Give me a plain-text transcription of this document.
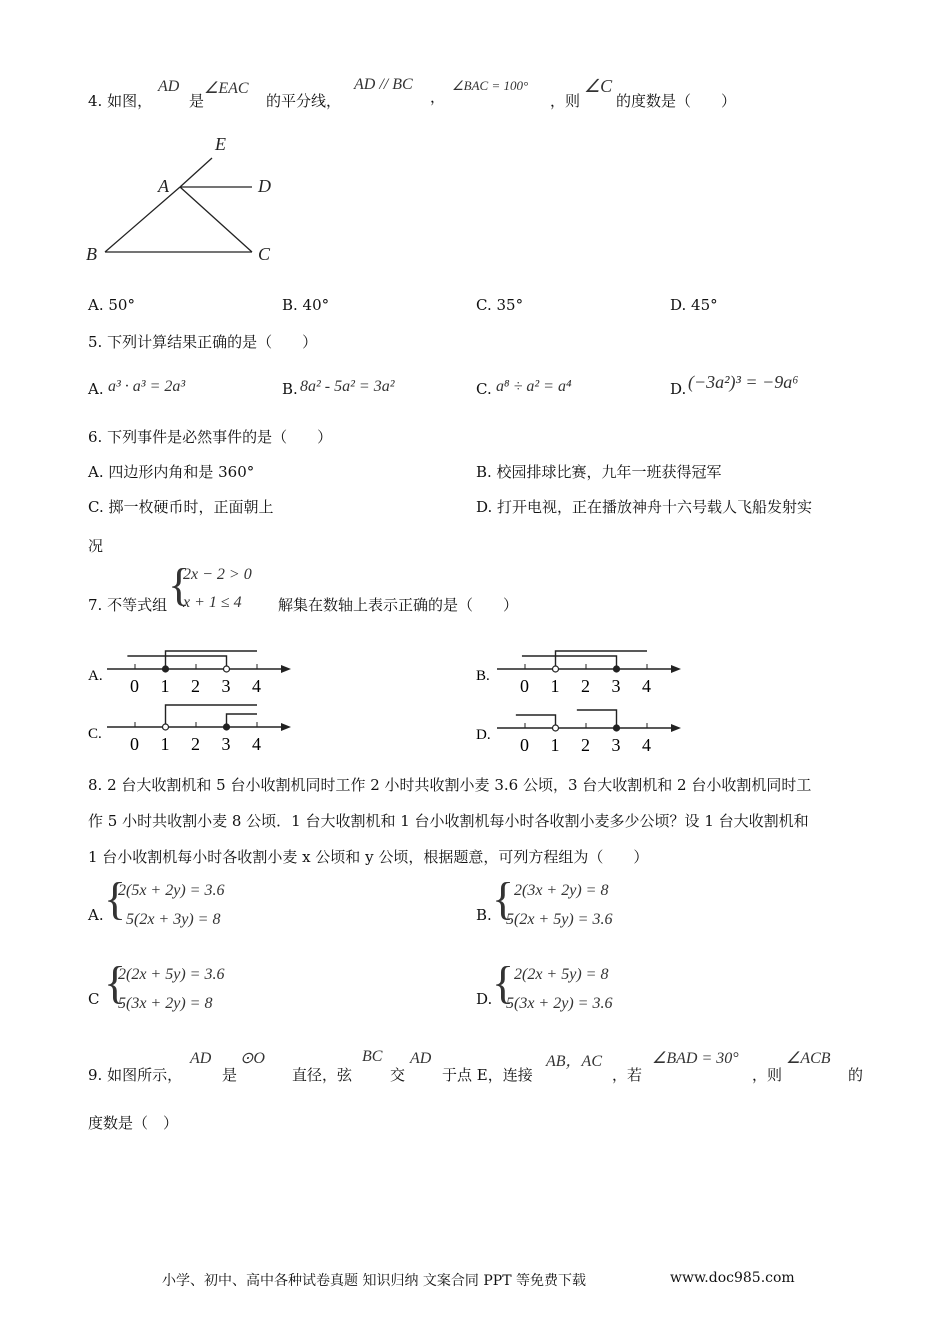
4. 如图，
AD
是
∠EAC
的平分线，
AD // BC
，
∠BAC = 100°
，则
∠C
的度数是（　　）
E
A	D
B	C
A. 50°	B. 40°	C. 35°	D. 45°
5. 下列计算结果正确的是（　　）
A. a³ · a³ = 2a³	B. 8a² - 5a² = 3a²	C. a⁸ ÷ a² = a⁴	D. (−3a²)³ = −9a⁶
6. 下列事件是必然事件的是（　　）
A. 四边形内角和是 360°	B. 校园排球比赛，九年一班获得冠军
C. 掷一枚硬币时，正面朝上	D. 打开电视，正在播放神舟十六号载人飞船发射实
况
7. 不等式组 {
2x − 2 > 0
x + 1 ≤ 4 解集在数轴上表示正确的是（　　）
A. 0 1 2 3 4	B. 0 1 2 3 4
C. 0 1 2 3 4	D. 0 1 2 3 4
8. 2 台大收割机和 5 台小收割机同时工作 2 小时共收割小麦 3.6 公顷，3 台大收割机和 2 台小收割机同时工
作 5 小时共收割小麦 8 公顷．1 台大收割机和 1 台小收割机每小时各收割小麦多少公顷？设 1 台大收割机和
1 台小收割机每小时各收割小麦 x 公顷和 y 公顷，根据题意，可列方程组为（　　）
A. {
2(5x + 2y) = 3.6
5(2x + 3y) = 8	B. { 2(3x + 2y) = 8
5(2x + 5y) = 3.6
C {
2(2x + 5y) = 3.6
5(3x + 2y) = 8	D. { 2(2x + 5y) = 8
5(3x + 2y) = 3.6
9. 如图所示，
AD
是
⊙O
直径，弦
BC
交
AD
于点 E，连接
AB，AC
，若
∠BAD = 30°
，则
∠ACB
的
度数是（　）
小学、初中、高中各种试卷真题 知识归纳 文案合同 PPT 等免费下载	www.doc985.com
